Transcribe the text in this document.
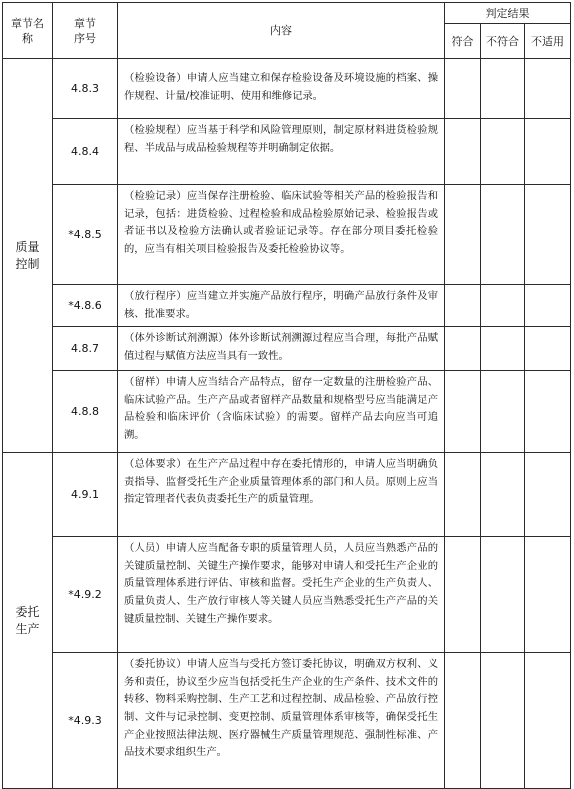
章节名称	章节序号	内容	判定结果		
			符合	不符合	不适用
质量控制	4.8.3	（检验设备）申请人应当建立和保存检验设备及环境设施的档案、操作规程、计量/校准证明、使用和维修记录。			
	4.8.4	（检验规程）应当基于科学和风险管理原则，制定原材料进货检验规程、半成品与成品检验规程等并明确制定依据。			
	*4.8.5	（检验记录）应当保存注册检验、临床试验等相关产品的检验报告和记录，包括：进货检验、过程检验和成品检验原始记录、检验报告或者证书以及检验方法确认或者验证记录等。存在部分项目委托检验的，应当有相关项目检验报告及委托检验协议等。			
	*4.8.6	（放行程序）应当建立并实施产品放行程序，明确产品放行条件及审核、批准要求。			
	4.8.7	（体外诊断试剂溯源）体外诊断试剂溯源过程应当合理，每批产品赋值过程与赋值方法应当具有一致性。			
	4.8.8	（留样）申请人应当结合产品特点，留存一定数量的注册检验产品、临床试验产品。生产产品或者留样产品数量和规格型号应当能满足产品检验和临床评价（含临床试验）的需要。留样产品去向应当可追溯。			
委托生产	4.9.1	（总体要求）在生产产品过程中存在委托情形的，申请人应当明确负责指导、监督受托生产企业质量管理体系的部门和人员。原则上应当指定管理者代表负责委托生产的质量管理。			
	*4.9.2	（人员）申请人应当配备专职的质量管理人员，人员应当熟悉产品的关键质量控制、关键生产操作要求，能够对申请人和受托生产企业的质量管理体系进行评估、审核和监督。受托生产企业的生产负责人、质量负责人、生产放行审核人等关键人员应当熟悉受托生产产品的关键质量控制、关键生产操作要求。			
	*4.9.3	（委托协议）申请人应当与受托方签订委托协议，明确双方权利、义务和责任，协议至少应当包括受托生产企业的生产条件、技术文件的转移、物料采购控制、生产工艺和过程控制、成品检验、产品放行控制、文件与记录控制、变更控制、质量管理体系审核等，确保受托生产企业按照法律法规、医疗器械生产质量管理规范、强制性标准、产品技术要求组织生产。			
